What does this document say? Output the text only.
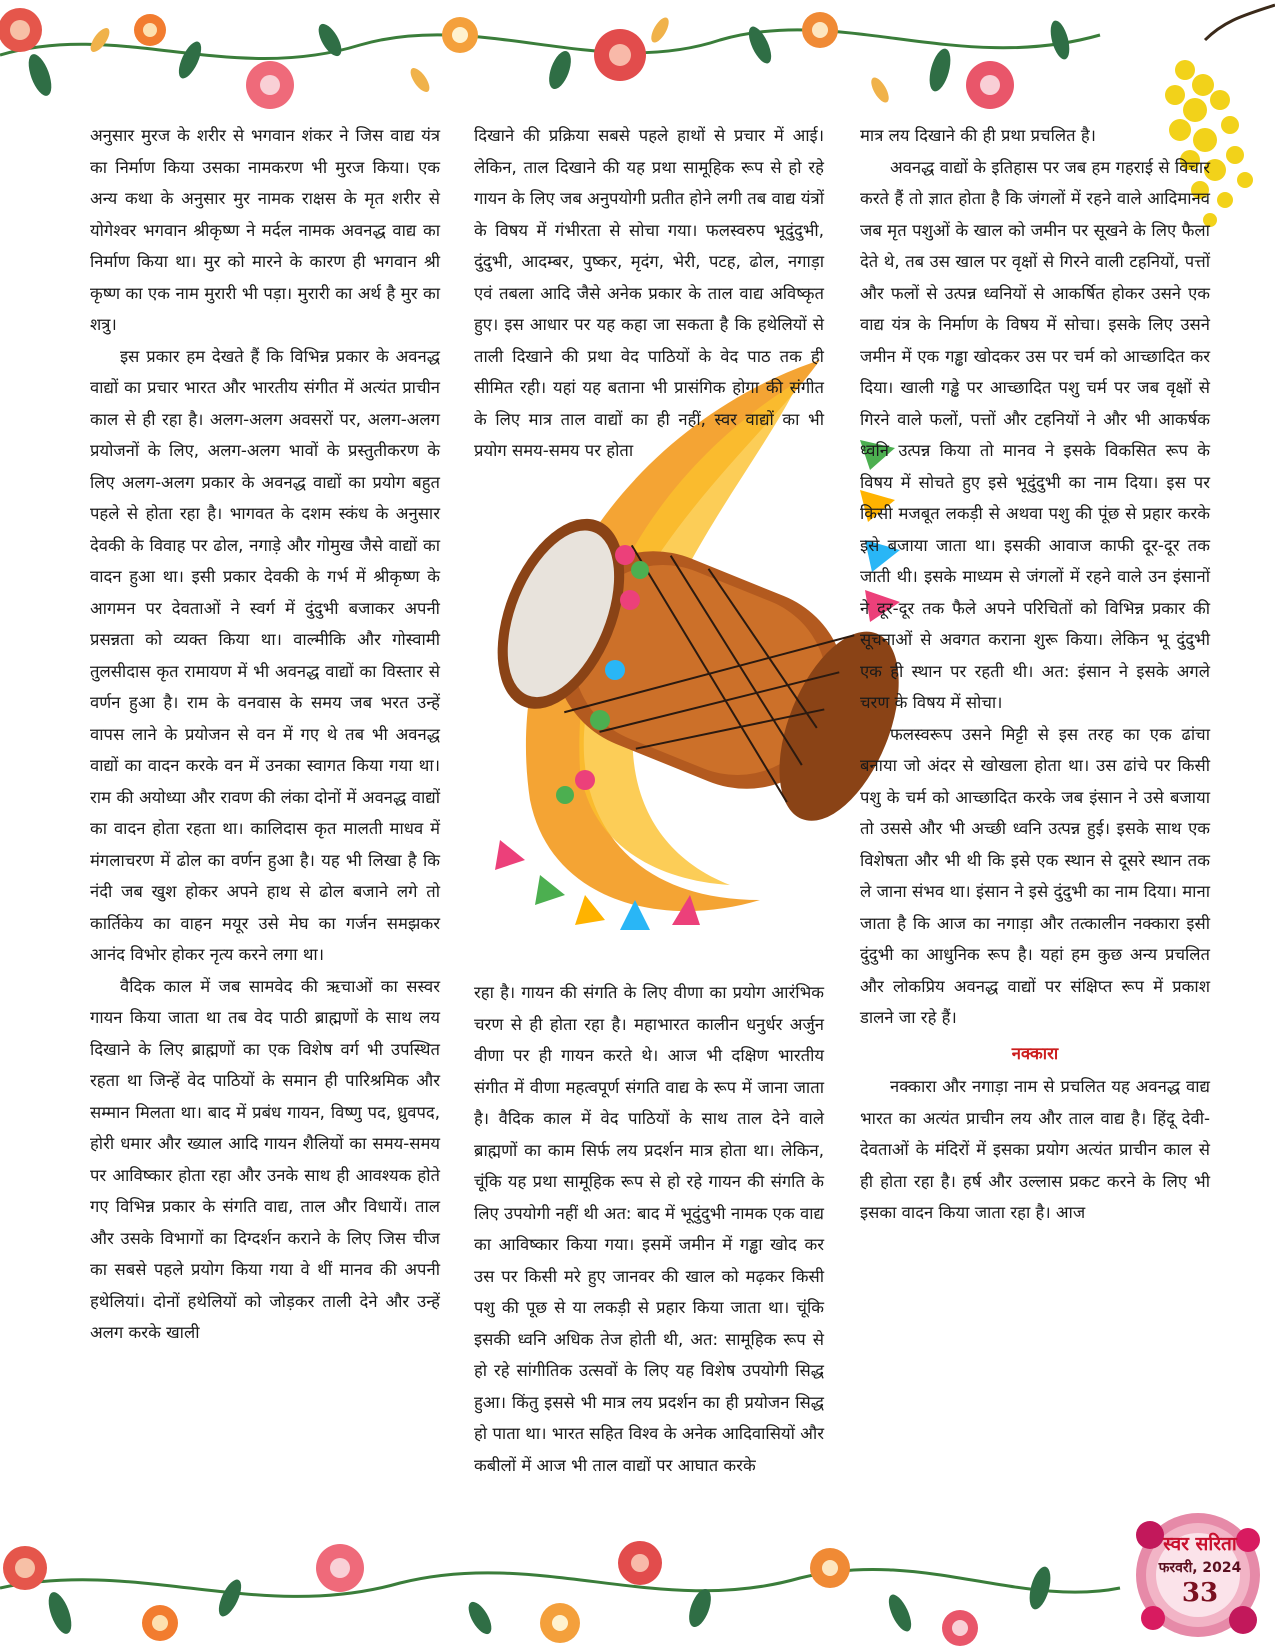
अनुसार मुरज के शरीर से भगवान शंकर ने जिस वाद्य यंत्र का निर्माण किया उसका नामकरण भी मुरज किया। एक अन्य कथा के अनुसार मुर नामक राक्षस के मृत शरीर से योगेश्वर भगवान श्रीकृष्ण ने मर्दल नामक अवनद्ध वाद्य का निर्माण किया था। मुर को मारने के कारण ही भगवान श्री कृष्ण का एक नाम मुरारी भी पड़ा। मुरारी का अर्थ है मुर का शत्रु।

इस प्रकार हम देखते हैं कि विभिन्न प्रकार के अवनद्ध वाद्यों का प्रचार भारत और भारतीय संगीत में अत्यंत प्राचीन काल से ही रहा है। अलग-अलग अवसरों पर, अलग-अलग प्रयोजनों के लिए, अलग-अलग भावों के प्रस्तुतीकरण के लिए अलग-अलग प्रकार के अवनद्ध वाद्यों का प्रयोग बहुत पहले से होता रहा है। भागवत के दशम स्कंध के अनुसार देवकी के विवाह पर ढोल, नगाड़े और गोमुख जैसे वाद्यों का वादन हुआ था। इसी प्रकार देवकी के गर्भ में श्रीकृष्ण के आगमन पर देवताओं ने स्वर्ग में दुंदुभी बजाकर अपनी प्रसन्नता को व्यक्त किया था। वाल्मीकि और गोस्वामी तुलसीदास कृत रामायण में भी अवनद्ध वाद्यों का विस्तार से वर्णन हुआ है। राम के वनवास के समय जब भरत उन्हें वापस लाने के प्रयोजन से वन में गए थे तब भी अवनद्ध वाद्यों का वादन करके वन में उनका स्वागत किया गया था। राम की अयोध्या और रावण की लंका दोनों में अवनद्ध वाद्यों का वादन होता रहता था। कालिदास कृत मालती माधव में मंगलाचरण में ढोल का वर्णन हुआ है। यह भी लिखा है कि नंदी जब खुश होकर अपने हाथ से ढोल बजाने लगे तो कार्तिकेय का वाहन मयूर उसे मेघ का गर्जन समझकर आनंद विभोर होकर नृत्य करने लगा था।

वैदिक काल में जब सामवेद की ऋचाओं का सस्वर गायन किया जाता था तब वेद पाठी ब्राह्मणों के साथ लय दिखाने के लिए ब्राह्मणों का एक विशेष वर्ग भी उपस्थित रहता था जिन्हें वेद पाठियों के समान ही पारिश्रमिक और सम्मान मिलता था। बाद में प्रबंध गायन, विष्णु पद, ध्रुवपद, होरी धमार और ख्याल आदि गायन शैलियों का समय-समय पर आविष्कार होता रहा और उनके साथ ही आवश्यक होते गए विभिन्न प्रकार के संगति वाद्य, ताल और विधायें। ताल और उसके विभागों का दिग्दर्शन कराने के लिए जिस चीज का सबसे पहले प्रयोग किया गया वे थीं मानव की अपनी हथेलियां। दोनों हथेलियों को जोड़कर ताली देने और उन्हें अलग करके खाली

दिखाने की प्रक्रिया सबसे पहले हाथों से प्रचार में आई। लेकिन, ताल दिखाने की यह प्रथा सामूहिक रूप से हो रहे गायन के लिए जब अनुपयोगी प्रतीत होने लगी तब वाद्य यंत्रों के विषय में गंभीरता से सोचा गया। फलस्वरुप भूदुंदुभी, दुंदुभी, आदम्बर, पुष्कर, मृदंग, भेरी, पटह, ढोल, नगाड़ा एवं तबला आदि जैसे अनेक प्रकार के ताल वाद्य अविष्कृत हुए। इस आधार पर यह कहा जा सकता है कि हथेलियों से ताली दिखाने की प्रथा वेद पाठियों के वेद पाठ तक ही सीमित रही। यहां यह बताना भी प्रासंगिक होगा की संगीत के लिए मात्र ताल वाद्यों का ही नहीं, स्वर वाद्यों का भी प्रयोग समय-समय पर होता

रहा है। गायन की संगति के लिए वीणा का प्रयोग आरंभिक चरण से ही होता रहा है। महाभारत कालीन धनुर्धर अर्जुन वीणा पर ही गायन करते थे। आज भी दक्षिण भारतीय संगीत में वीणा महत्वपूर्ण संगति वाद्य के रूप में जाना जाता है। वैदिक काल में वेद पाठियों के साथ ताल देने वाले ब्राह्मणों का काम सिर्फ लय प्रदर्शन मात्र होता था। लेकिन, चूंकि यह प्रथा सामूहिक रूप से हो रहे गायन की संगति के लिए उपयोगी नहीं थी अत: बाद में भूदुंदुभी नामक एक वाद्य का आविष्कार किया गया। इसमें जमीन में गड्ढा खोद कर उस पर किसी मरे हुए जानवर की खाल को मढ़कर किसी पशु की पूछ से या लकड़ी से प्रहार किया जाता था। चूंकि इसकी ध्वनि अधिक तेज होती थी, अत: सामूहिक रूप से हो रहे सांगीतिक उत्सवों के लिए यह विशेष उपयोगी सिद्ध हुआ। किंतु इससे भी मात्र लय प्रदर्शन का ही प्रयोजन सिद्ध हो पाता था। भारत सहित विश्व के अनेक आदिवासियों और कबीलों में आज भी ताल वाद्यों पर आघात करके

मात्र लय दिखाने की ही प्रथा प्रचलित है।

अवनद्ध वाद्यों के इतिहास पर जब हम गहराई से विचार करते हैं तो ज्ञात होता है कि जंगलों में रहने वाले आदिमानव जब मृत पशुओं के खाल को जमीन पर सूखने के लिए फैला देते थे, तब उस खाल पर वृक्षों से गिरने वाली टहनियों, पत्तों और फलों से उत्पन्न ध्वनियों से आकर्षित होकर उसने एक वाद्य यंत्र के निर्माण के विषय में सोचा। इसके लिए उसने जमीन में एक गड्ढा खोदकर उस पर चर्म को आच्छादित कर दिया। खाली गड्ढे पर आच्छादित पशु चर्म पर जब वृक्षों से गिरने वाले फलों, पत्तों और टहनियों ने और भी आकर्षक ध्वनि उत्पन्न किया तो मानव ने इसके विकसित रूप के विषय में सोचते हुए इसे भूदुंदुभी का नाम दिया। इस पर किसी मजबूत लकड़ी से अथवा पशु की पूंछ से प्रहार करके इसे बजाया जाता था। इसकी आवाज काफी दूर-दूर तक जाती थी। इसके माध्यम से जंगलों में रहने वाले उन इंसानों ने दूर-दूर तक फैले अपने परिचितों को विभिन्न प्रकार की सूचनाओं से अवगत कराना शुरू किया। लेकिन भू दुंदुभी एक ही स्थान पर रहती थी। अत: इंसान ने इसके अगले चरण के विषय में सोचा।

फलस्वरूप उसने मिट्टी से इस तरह का एक ढांचा बनाया जो अंदर से खोखला होता था। उस ढांचे पर किसी पशु के चर्म को आच्छादित करके जब इंसान ने उसे बजाया तो उससे और भी अच्छी ध्वनि उत्पन्न हुई। इसके साथ एक विशेषता और भी थी कि इसे एक स्थान से दूसरे स्थान तक ले जाना संभव था। इंसान ने इसे दुंदुभी का नाम दिया। माना जाता है कि आज का नगाड़ा और तत्कालीन नक्कारा इसी दुंदुभी का आधुनिक रूप है। यहां हम कुछ अन्य प्रचलित और लोकप्रिय अवनद्ध वाद्यों पर संक्षिप्त रूप में प्रकाश डालने जा रहे हैं।

नक्कारा

नक्कारा और नगाड़ा नाम से प्रचलित यह अवनद्ध वाद्य भारत का अत्यंत प्राचीन लय और ताल वाद्य है। हिंदू देवी-देवताओं के मंदिरों में इसका प्रयोग अत्यंत प्राचीन काल से ही होता रहा है। हर्ष और उल्लास प्रकट करने के लिए भी इसका वादन किया जाता रहा है। आज

स्वर सरिता
फरवरी, 2024
33
